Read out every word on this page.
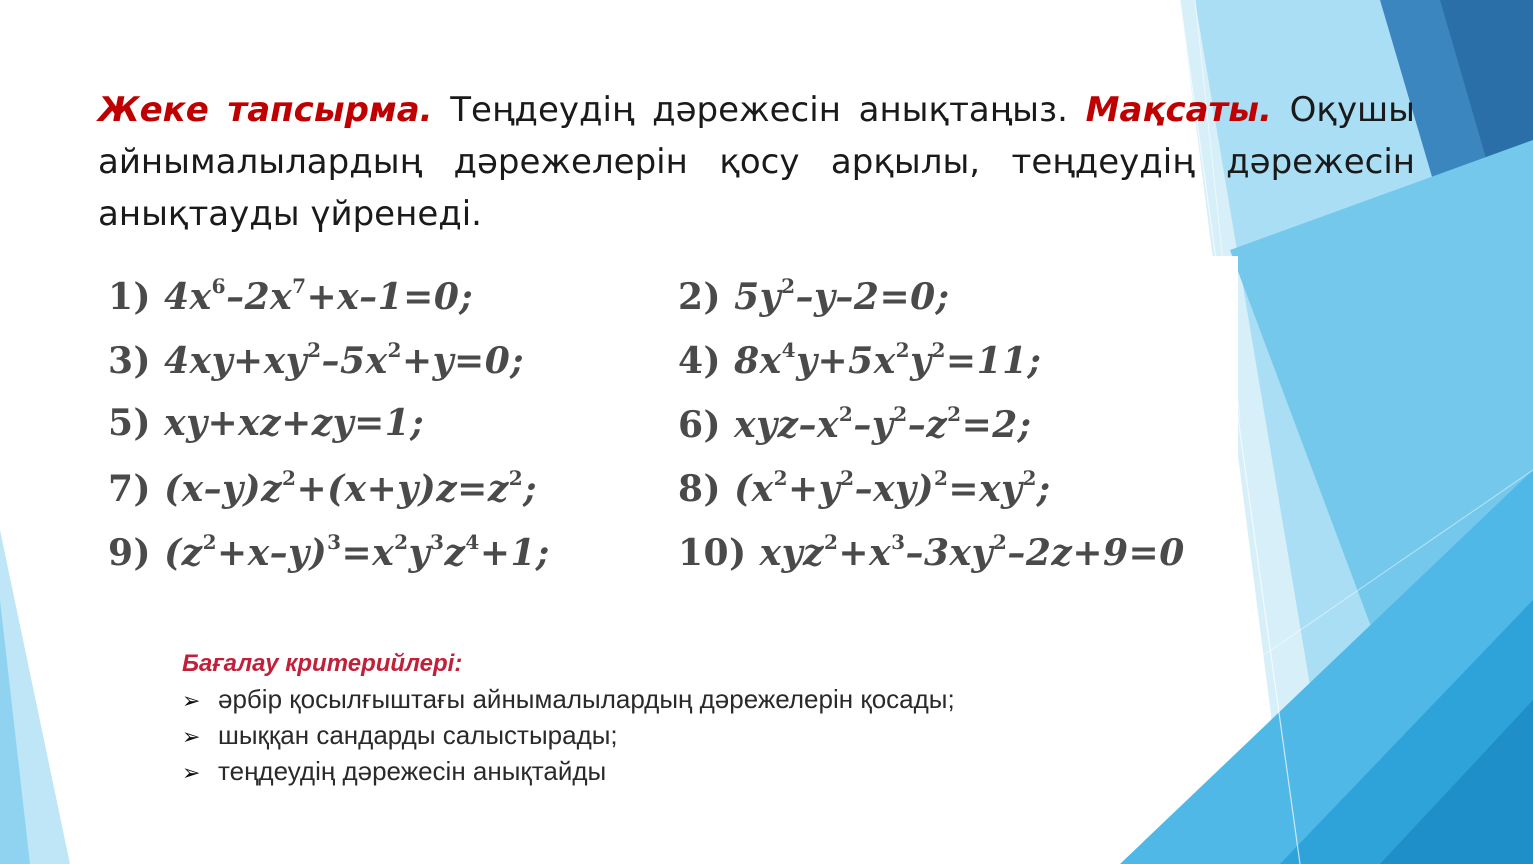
Жеке тапсырма. Теңдеудің дәрежесін анықтаңыз. Мақсаты. Оқушы айнымалылардың дәрежелерін қосу арқылы, теңдеудің дәрежесін анықтауды үйренеді.
1) $4x^6-2x^7+x-1=0$;	2) $5y^2-y-2=0$;
3) $4xy+xy^2-5x^2+y=0$;	4) $8x^4y+5x^2y^2=11$;
5) xy+xz+zy=1;	6) xyz–$x^2-y^2-z^2=2$;
7) $(x-y)z^2+(x+y)z=z^2$;	8) $(x^2+y^2-xy)^2=xy^2$;
9) $(z^2+x-y)^3=x^2y^3z^4+1$;	10) $xyz^2+x^3-3xy^2-2z+9=0$
Бағалау критерийлері:
➢ әрбір қосылғыштағы айнымалылардың дәрежелерін қосады;
➢ шыққан сандарды салыстырады;
➢ теңдеудің дәрежесін анықтайды
